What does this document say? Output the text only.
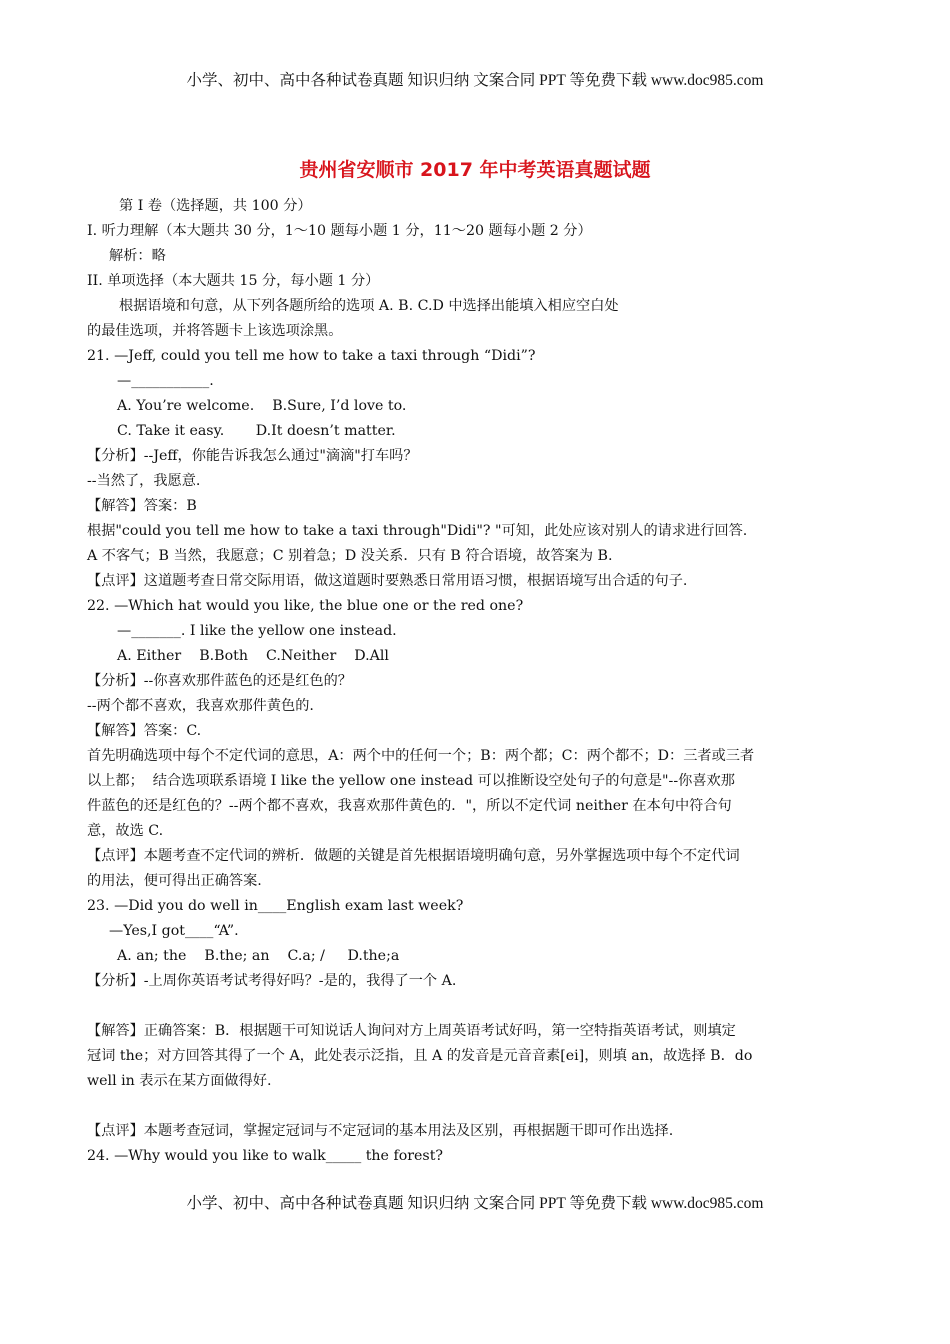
小学、初中、高中各种试卷真题 知识归纳 文案合同 PPT 等免费下载 www.doc985.com
贵州省安顺市 2017 年中考英语真题试题
第 I 卷（选择题，共 100 分）
I. 听力理解（本大题共 30 分，1～10 题每小题 1 分，11～20 题每小题 2 分）
解析：略
II. 单项选择（本大题共 15 分，每小题 1 分）
根据语境和句意，从下列各题所给的选项 A. B. C.D 中选择出能填入相应空白处
的最佳选项，并将答题卡上该选项涂黑。
21. —Jeff, could you tell me how to take a taxi through “Didi”?
—___________.
A. You’re welcome.    B.Sure, I’d love to.
C. Take it easy.       D.It doesn’t matter.
【分析】--Jeff，你能告诉我怎么通过"滴滴"打车吗？
--当然了，我愿意.
【解答】答案：B
根据"could you tell me how to take a taxi through"Didi"? "可知，此处应该对别人的请求进行回答.
A 不客气；B 当然，我愿意；C 别着急；D 没关系．只有 B 符合语境，故答案为 B.
【点评】这道题考查日常交际用语，做这道题时要熟悉日常用语习惯，根据语境写出合适的句子.
22. —Which hat would you like, the blue one or the red one?
—_______. I like the yellow one instead.
A. Either    B.Both    C.Neither    D.All
【分析】--你喜欢那件蓝色的还是红色的？
--两个都不喜欢，我喜欢那件黄色的.
【解答】答案：C.
首先明确选项中每个不定代词的意思，A：两个中的任何一个；B：两个都；C：两个都不；D：三者或三者
以上都；  结合选项联系语境 I like the yellow one instead 可以推断设空处句子的句意是"--你喜欢那
件蓝色的还是红色的？--两个都不喜欢，我喜欢那件黄色的．"，所以不定代词 neither 在本句中符合句
意，故选 C.
【点评】本题考查不定代词的辨析．做题的关键是首先根据语境明确句意，另外掌握选项中每个不定代词
的用法，便可得出正确答案.
23. —Did you do well in____English exam last week?
—Yes,I got____“A”.
A. an; the    B.the; an    C.a; /     D.the;a
【分析】-上周你英语考试考得好吗？-是的，我得了一个 A.
【解答】正确答案：B．根据题干可知说话人询问对方上周英语考试好吗，第一空特指英语考试，则填定
冠词 the；对方回答其得了一个 A，此处表示泛指，且 A 的发音是元音音素[ei]，则填 an，故选择 B．do
well in 表示在某方面做得好.
【点评】本题考查冠词，掌握定冠词与不定冠词的基本用法及区别，再根据题干即可作出选择.
24. —Why would you like to walk_____ the forest?
小学、初中、高中各种试卷真题 知识归纳 文案合同 PPT 等免费下载 www.doc985.com
